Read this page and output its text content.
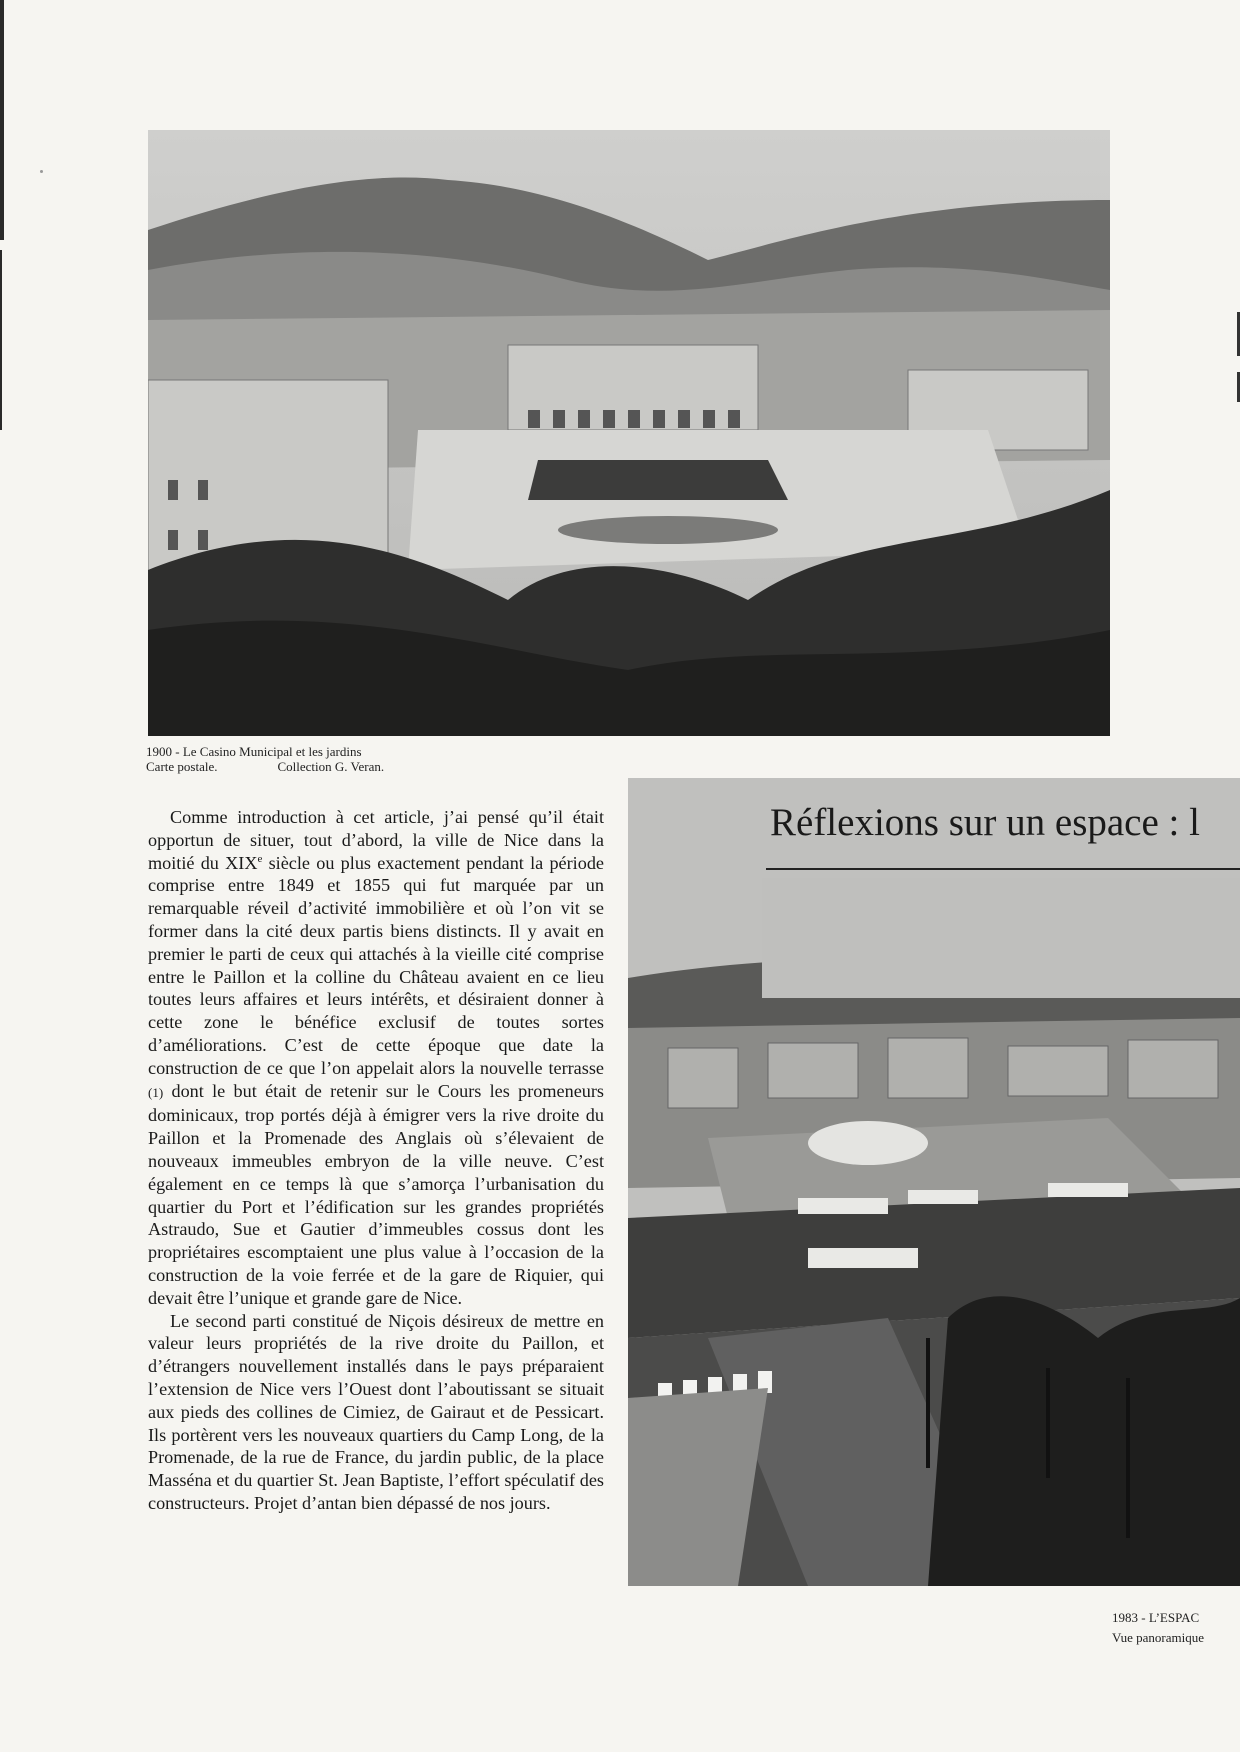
1900 - Le Casino Municipal et les jardins
Carte postale.	Collection G. Veran.
Réflexions sur un espace : l

Comme introduction à cet article, j’ai pensé qu’il était opportun de situer, tout d’abord, la ville de Nice dans la moitié du XIXe siècle ou plus exactement pendant la période comprise entre 1849 et 1855 qui fut marquée par un remarquable réveil d’activité immobilière et où l’on vit se former dans la cité deux partis biens distincts. Il y avait en premier le parti de ceux qui attachés à la vieille cité comprise entre le Paillon et la colline du Château avaient en ce lieu toutes leurs affaires et leurs intérêts, et désiraient donner à cette zone le bénéfice exclusif de toutes sortes d’améliorations. C’est de cette époque que date la construction de ce que l’on appelait alors la nouvelle terrasse (1) dont le but était de retenir sur le Cours les promeneurs dominicaux, trop portés déjà à émigrer vers la rive droite du Paillon et la Promenade des Anglais où s’élevaient de nouveaux immeubles embryon de la ville neuve. C’est également en ce temps là que s’amorça l’urbanisation du quartier du Port et l’édification sur les grandes propriétés Astraudo, Sue et Gautier d’immeubles cossus dont les propriétaires escomptaient une plus value à l’occasion de la construction de la voie ferrée et de la gare de Riquier, qui devait être l’unique et grande gare de Nice.

Le second parti constitué de Niçois désireux de mettre en valeur leurs propriétés de la rive droite du Paillon, et d’étrangers nouvellement installés dans le pays préparaient l’extension de Nice vers l’Ouest dont l’aboutissant se situait aux pieds des collines de Cimiez, de Gairaut et de Pessicart. Ils portèrent vers les nouveaux quartiers du Camp Long, de la Promenade, de la rue de France, du jardin public, de la place Masséna et du quartier St. Jean Baptiste, l’effort spéculatif des constructeurs. Projet d’antan bien dépassé de nos jours.

1983 - L’ESPAC
Vue panoramique
